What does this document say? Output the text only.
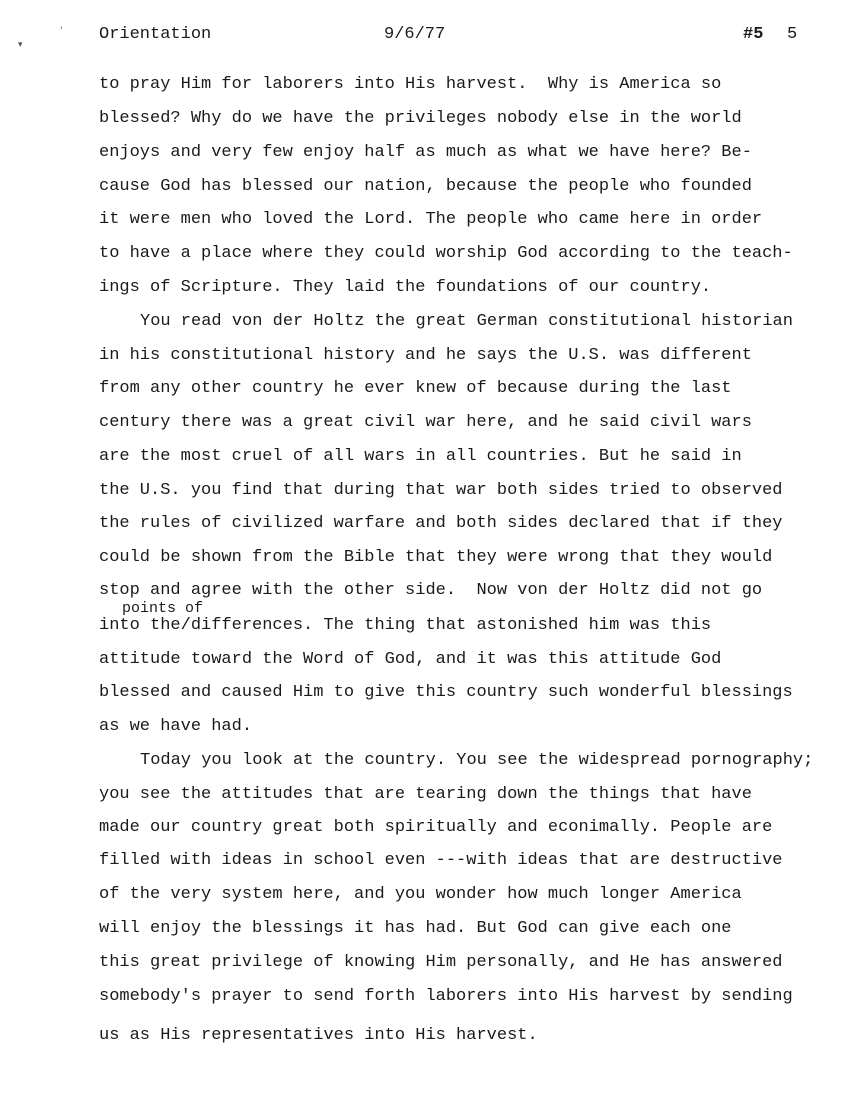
Orientation	9/6/77	#5 5
'
▾
to pray Him for laborers into His harvest.  Why is America so
blessed? Why do we have the privileges nobody else in the world
enjoys and very few enjoy half as much as what we have here? Be-
cause God has blessed our nation, because the people who founded
it were men who loved the Lord. The people who came here in order
to have a place where they could worship God according to the teach-
ings of Scripture. They laid the foundations of our country.
You read von der Holtz the great German constitutional historian
in his constitutional history and he says the U.S. was different
from any other country he ever knew of because during the last
century there was a great civil war here, and he said civil wars
are the most cruel of all wars in all countries. But he said in
the U.S. you find that during that war both sides tried to observed
the rules of civilized warfare and both sides declared that if they
could be shown from the Bible that they were wrong that they would
stop and agree with the other side.  Now von der Holtz did not go
points of
into the/differences. The thing that astonished him was this
attitude toward the Word of God, and it was this attitude God
blessed and caused Him to give this country such wonderful blessings
as we have had.
Today you look at the country. You see the widespread pornography;
you see the attitudes that are tearing down the things that have
made our country great both spiritually and econimally. People are
filled with ideas in school even ---with ideas that are destructive
of the very system here, and you wonder how much longer America
will enjoy the blessings it has had. But God can give each one
this great privilege of knowing Him personally, and He has answered
somebody's prayer to send forth laborers into His harvest by sending
us as His representatives into His harvest.
